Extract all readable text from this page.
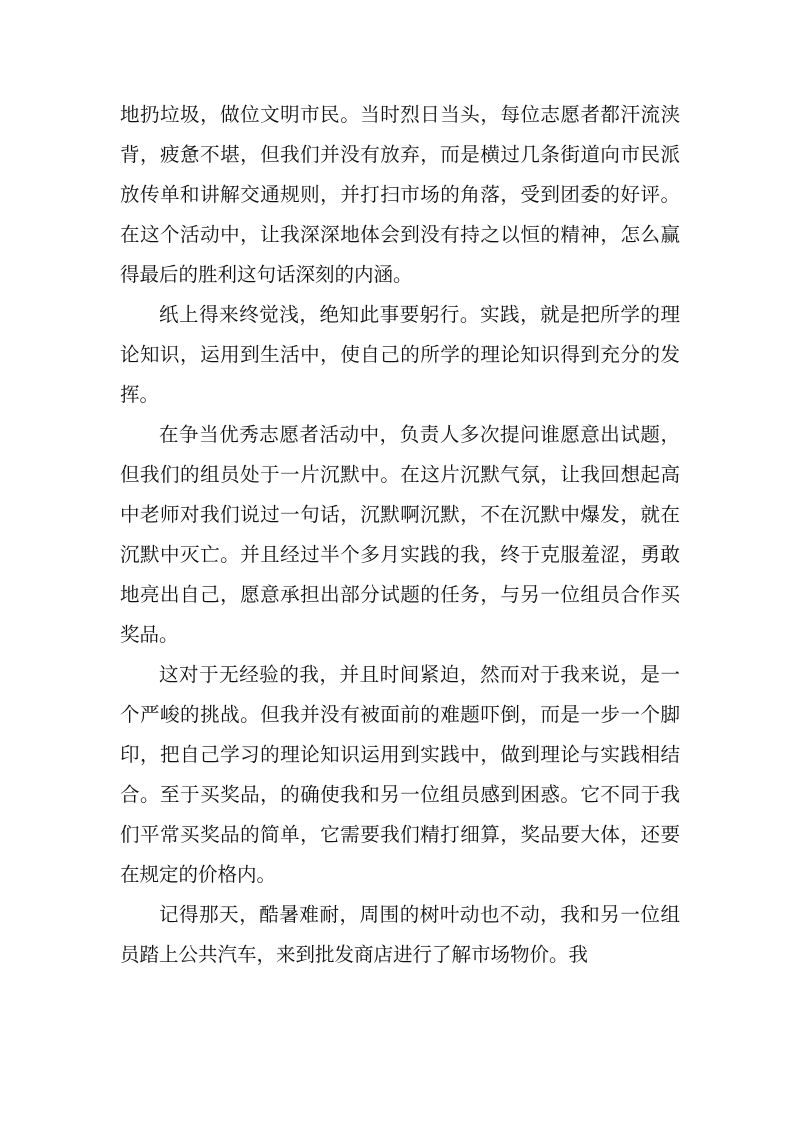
地扔垃圾，做位文明市民。当时烈日当头，每位志愿者都汗流浃背，疲惫不堪，但我们并没有放弃，而是横过几条街道向市民派放传单和讲解交通规则，并打扫市场的角落，受到团委的好评。在这个活动中，让我深深地体会到没有持之以恒的精神，怎么赢得最后的胜利这句话深刻的内涵。

纸上得来终觉浅，绝知此事要躬行。实践，就是把所学的理论知识，运用到生活中，使自己的所学的理论知识得到充分的发挥。

在争当优秀志愿者活动中，负责人多次提问谁愿意出试题，但我们的组员处于一片沉默中。在这片沉默气氛，让我回想起高中老师对我们说过一句话，沉默啊沉默，不在沉默中爆发，就在沉默中灭亡。并且经过半个多月实践的我，终于克服羞涩，勇敢地亮出自己，愿意承担出部分试题的任务，与另一位组员合作买奖品。

这对于无经验的我，并且时间紧迫，然而对于我来说，是一个严峻的挑战。但我并没有被面前的难题吓倒，而是一步一个脚印，把自己学习的理论知识运用到实践中，做到理论与实践相结合。至于买奖品，的确使我和另一位组员感到困惑。它不同于我们平常买奖品的简单，它需要我们精打细算，奖品要大体，还要在规定的价格内。

记得那天，酷暑难耐，周围的树叶动也不动，我和另一位组员踏上公共汽车，来到批发商店进行了解市场物价。我
